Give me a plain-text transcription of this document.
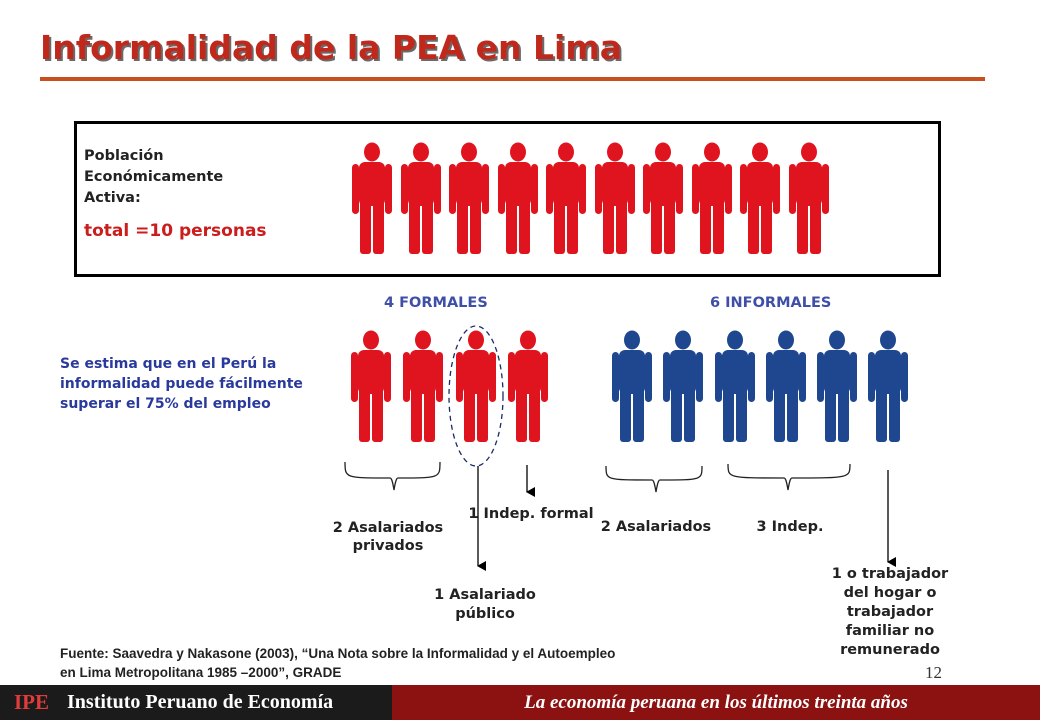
Informalidad de la PEA en Lima
Población
Económicamente
Activa:
total =10 personas
4 FORMALES	6 INFORMALES
Se estima que en el Perú la informalidad puede fácilmente superar el 75% del empleo
2 Asalariados
privados
1 Indep. formal
1 Asalariado
público
2 Asalariados	3 Indep.
1 o trabajador
del hogar o
trabajador
familiar no
remunerado
Fuente: Saavedra y Nakasone (2003), “Una Nota sobre la Informalidad y el Autoempleo en Lima Metropolitana 1985 –2000”, GRADE	12
IPE Instituto Peruano de Economía	La economía peruana en los últimos treinta años
